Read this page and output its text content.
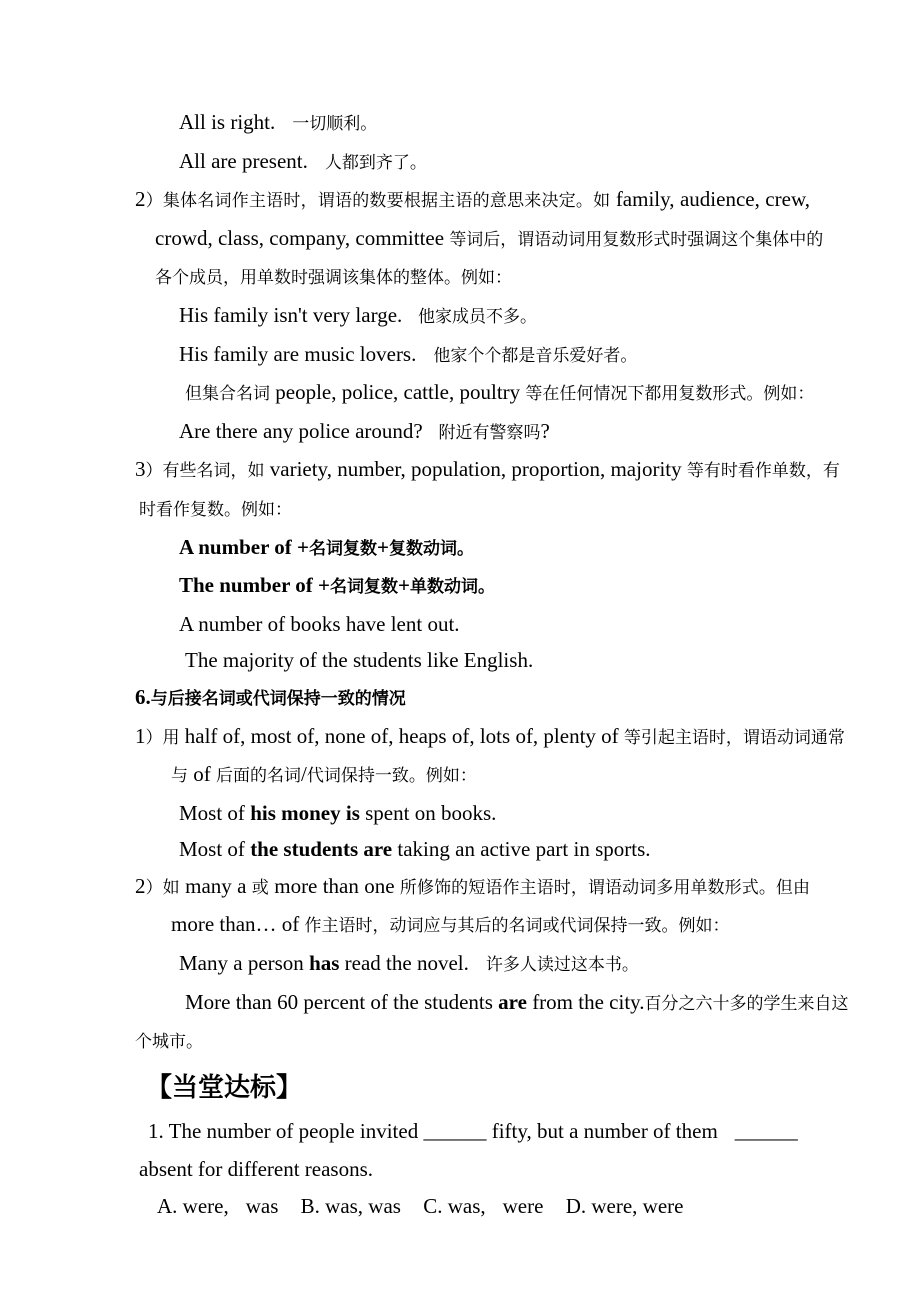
All is right.　一切顺利。
All are present.　人都到齐了。
2）集体名词作主语时，谓语的数要根据主语的意思来决定。如 family, audience, crew,
crowd, class, company, committee 等词后，谓语动词用复数形式时强调这个集体中的
各个成员，用单数时强调该集体的整体。例如：
His family isn't very large.  他家成员不多。
His family are music lovers.　他家个个都是音乐爱好者。
但集合名词 people, police, cattle, poultry 等在任何情况下都用复数形式。例如：
Are there any police around?  附近有警察吗?
3）有些名词，如 variety, number, population, proportion, majority 等有时看作单数，有
时看作复数。例如：
A number of +名词复数+复数动词。
The number of +名词复数+单数动词。
A number of books have lent out.
The majority of the students like English.
6.与后接名词或代词保持一致的情况
1）用 half of, most of, none of, heaps of, lots of, plenty of 等引起主语时，谓语动词通常
与 of 后面的名词/代词保持一致。例如：
Most of his money is spent on books.
Most of the students are taking an active part in sports.
2）如 many a 或 more than one 所修饰的短语作主语时，谓语动词多用单数形式。但由
more than… of 作主语时，动词应与其后的名词或代词保持一致。例如：
Many a person has read the novel.　许多人读过这本书。
More than 60 percent of the students are from the city.百分之六十多的学生来自这
个城市。
【当堂达标】
1. The number of people invited ______ fifty, but a number of them　 ______
absent for different reasons.
A. were,　 was　 B. was, was　 C. was,　 were　 D. were, were
